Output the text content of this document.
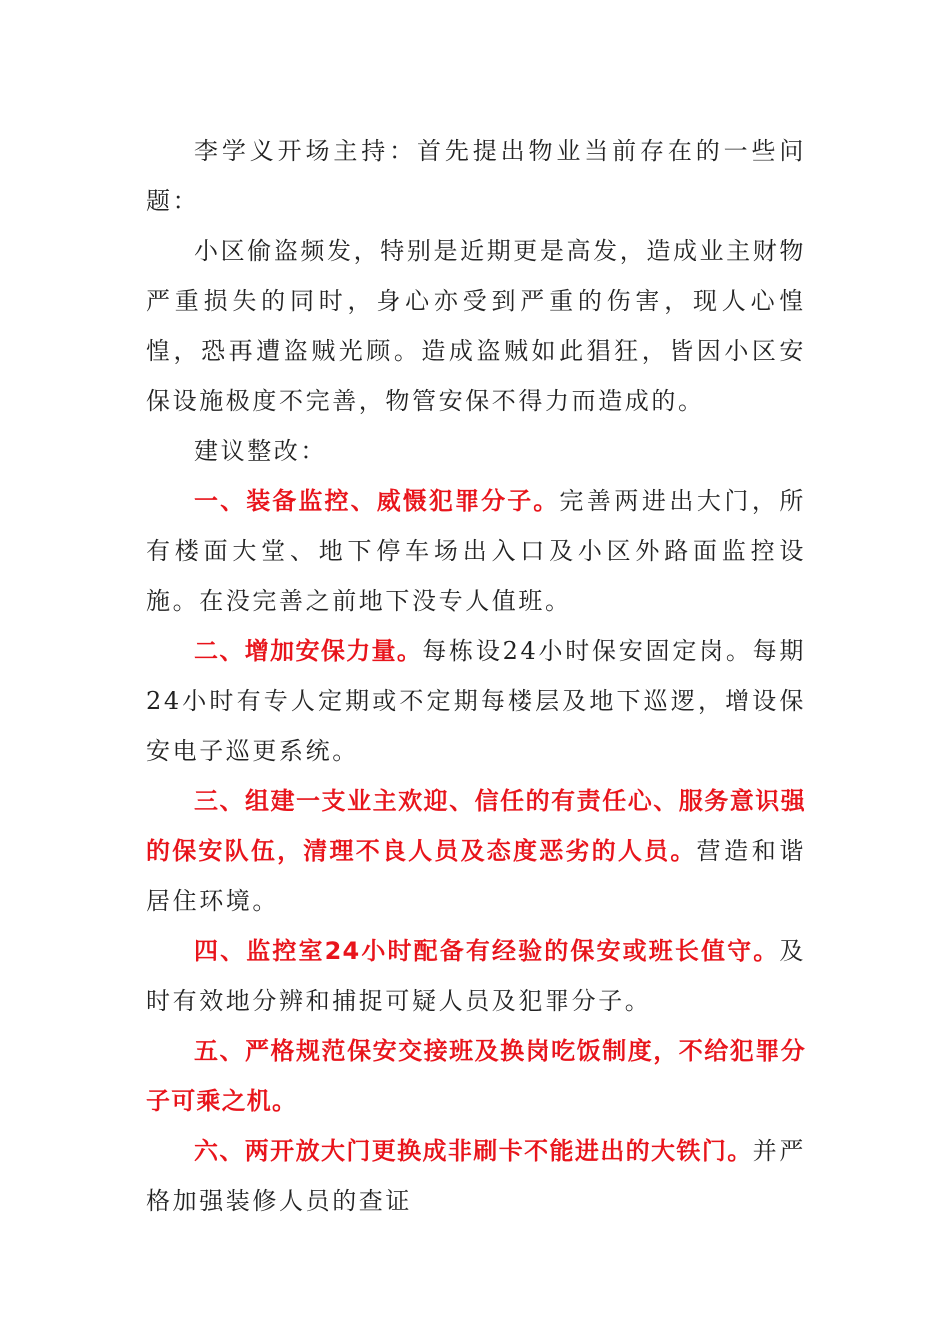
李学义开场主持：首先提出物业当前存在的一些问题：

小区偷盗频发，特别是近期更是高发，造成业主财物严重损失的同时，身心亦受到严重的伤害，现人心惶惶，恐再遭盗贼光顾。造成盗贼如此猖狂，皆因小区安保设施极度不完善，物管安保不得力而造成的。

建议整改：

一、装备监控、威慑犯罪分子。完善两进出大门，所有楼面大堂、地下停车场出入口及小区外路面监控设施。在没完善之前地下没专人值班。

二、增加安保力量。每栋设24小时保安固定岗。每期24小时有专人定期或不定期每楼层及地下巡逻，增设保安电子巡更系统。

三、组建一支业主欢迎、信任的有责任心、服务意识强的保安队伍，清理不良人员及态度恶劣的人员。营造和谐居住环境。

四、监控室24小时配备有经验的保安或班长值守。及时有效地分辨和捕捉可疑人员及犯罪分子。

五、严格规范保安交接班及换岗吃饭制度，不给犯罪分子可乘之机。

六、两开放大门更换成非刷卡不能进出的大铁门。并严格加强装修人员的查证
